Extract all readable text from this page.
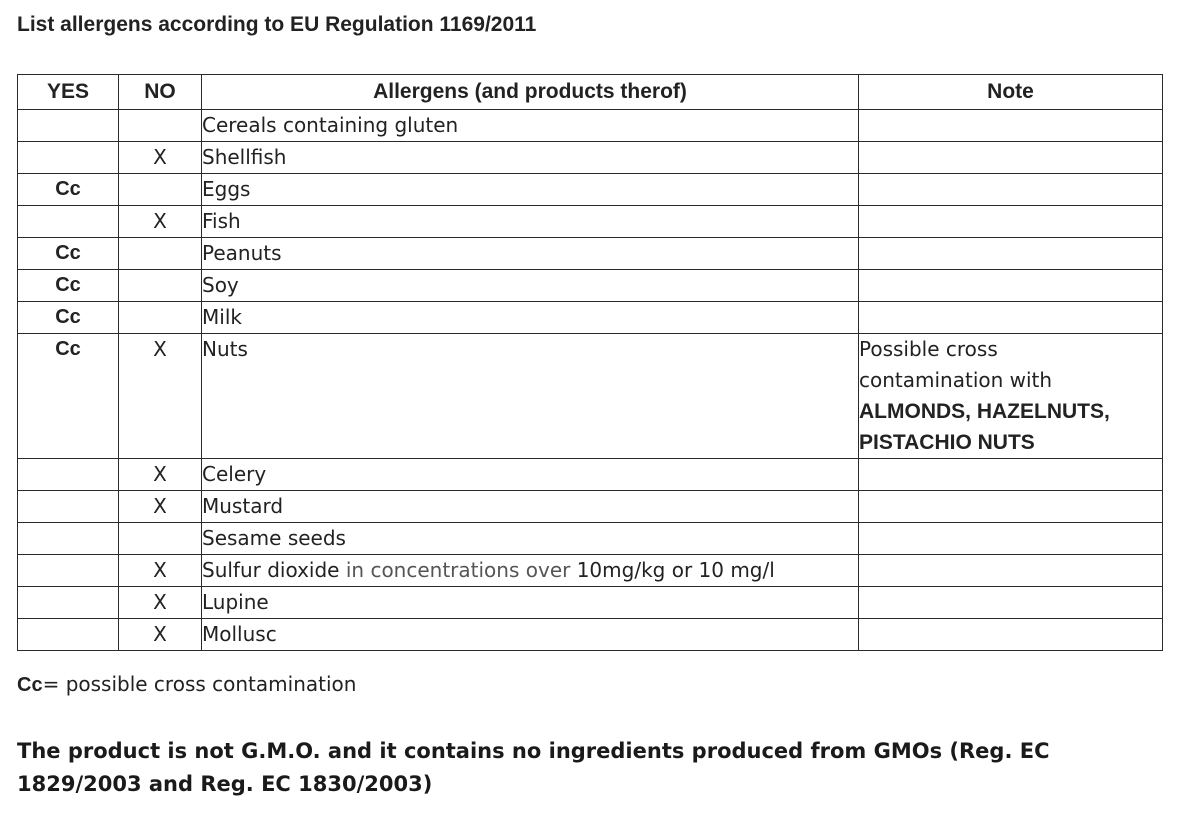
List allergens according to EU Regulation 1169/2011
YES	NO	Allergens (and products therof)	Note
		Cereals containing gluten	
	X	Shellfish	
Cc		Eggs	
	X	Fish	
Cc		Peanuts	
Cc		Soy	
Cc		Milk	
Cc	X	Nuts	Possible cross
contamination with
ALMONDS, HAZELNUTS,
PISTACHIO NUTS

	X	Celery	
	X	Mustard	
		Sesame seeds	
	X	Sulfur dioxide in concentrations over 10mg/kg or 10 mg/l	
	X	Lupine	
	X	Mollusc	
Cc= possible cross contamination
The product is not G.M.O. and it contains no ingredients produced from GMOs (Reg. EC 1829/2003 and Reg. EC 1830/2003)
